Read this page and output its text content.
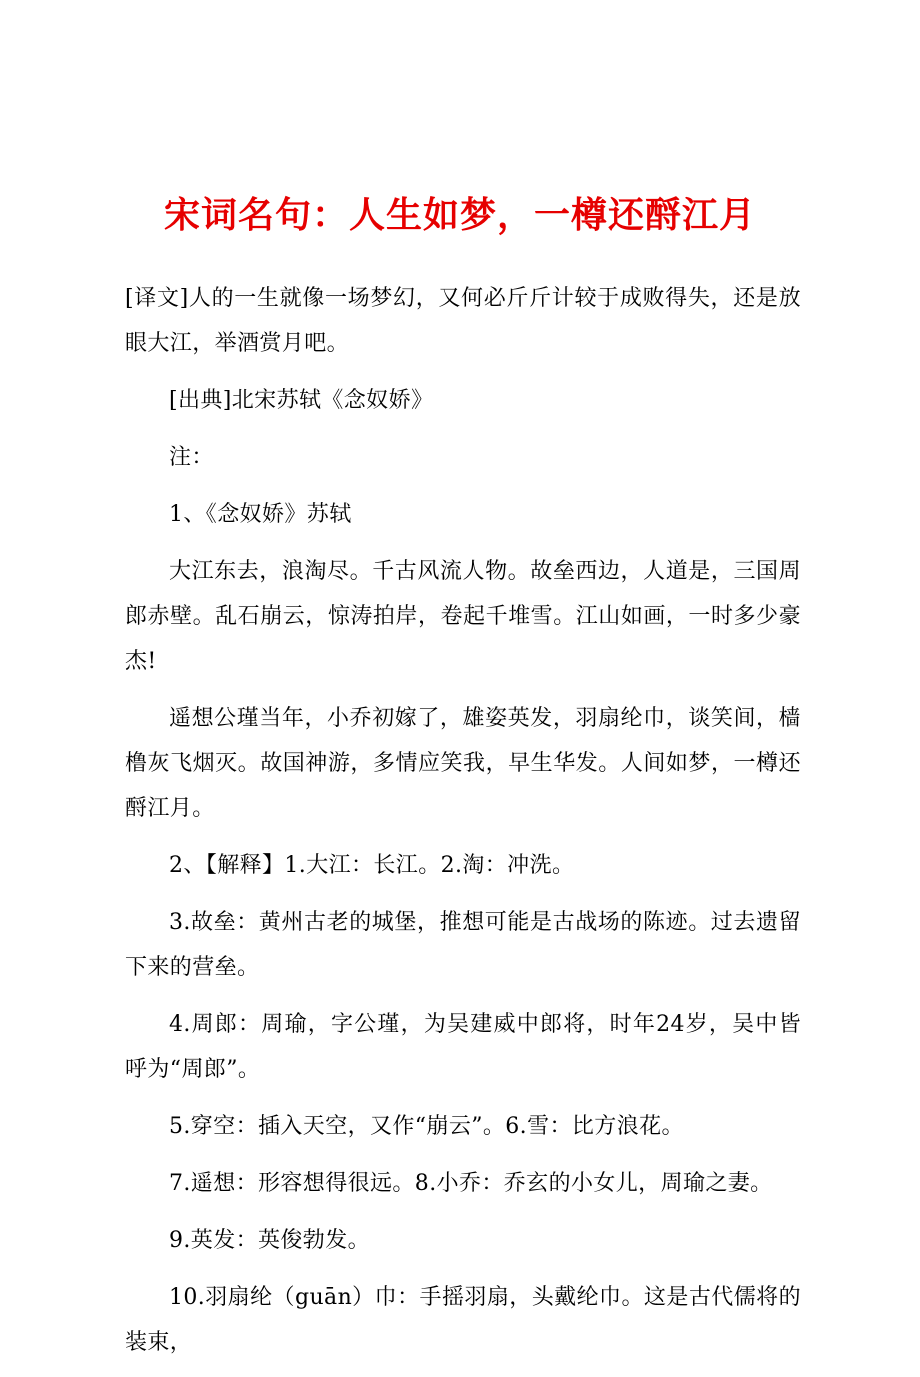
宋词名句：人生如梦，一樽还酹江月

[译文]人的一生就像一场梦幻，又何必斤斤计较于成败得失，还是放眼大江，举酒赏月吧。

[出典]北宋苏轼《念奴娇》

注：

1、《念奴娇》苏轼

大江东去，浪淘尽。千古风流人物。故垒西边，人道是，三国周郎赤壁。乱石崩云，惊涛拍岸，卷起千堆雪。江山如画，一时多少豪杰!

遥想公瑾当年，小乔初嫁了，雄姿英发，羽扇纶巾，谈笑间，樯橹灰飞烟灭。故国神游，多情应笑我，早生华发。人间如梦，一樽还酹江月。

2、【解释】1.大江：长江。2.淘：冲洗。

3.故垒：黄州古老的城堡，推想可能是古战场的陈迹。过去遗留下来的营垒。

4.周郎：周瑜，字公瑾，为吴建威中郎将，时年24岁，吴中皆呼为“周郎”。

5.穿空：插入天空，又作“崩云”。6.雪：比方浪花。

7.遥想：形容想得很远。8.小乔：乔玄的小女儿，周瑜之妻。

9.英发：英俊勃发。

10.羽扇纶（guān）巾：手摇羽扇，头戴纶巾。这是古代儒将的装束，
